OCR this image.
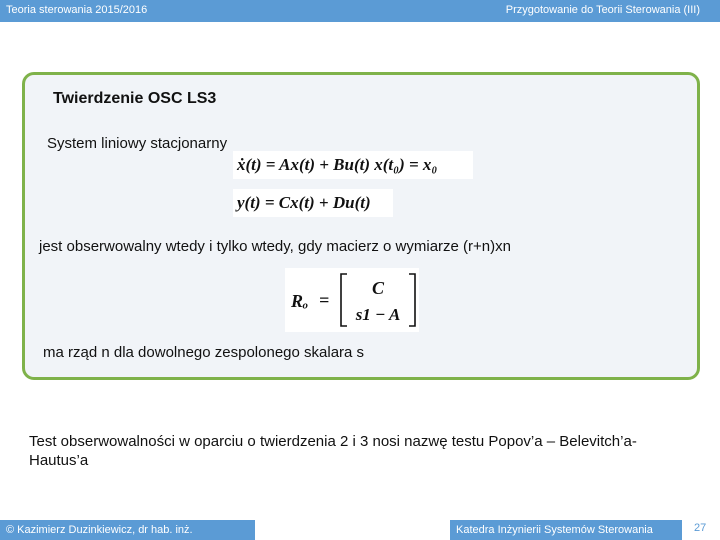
Teoria sterowania 2015/2016	Przygotowanie do Teorii Sterowania (III)
Twierdzenie OSC LS3
System liniowy stacjonarny
ẋ(t) = Ax(t) + Bu(t) x(t₀) = x₀
y(t) = Cx(t) + Du(t)
jest obserwowalny wtedy i tylko wtedy, gdy macierz o wymiarze (r+n)xn
Rₒ =
C
s1 − A
ma rząd n dla dowolnego zespolonego skalara s
Test obserwowalności w oparciu o twierdzenia 2 i 3 nosi nazwę testu Popov’a – Belevitch’a-Hautus’a
© Kazimierz Duzinkiewicz, dr hab. inż.	Katedra Inżynierii Systemów Sterowania	27
